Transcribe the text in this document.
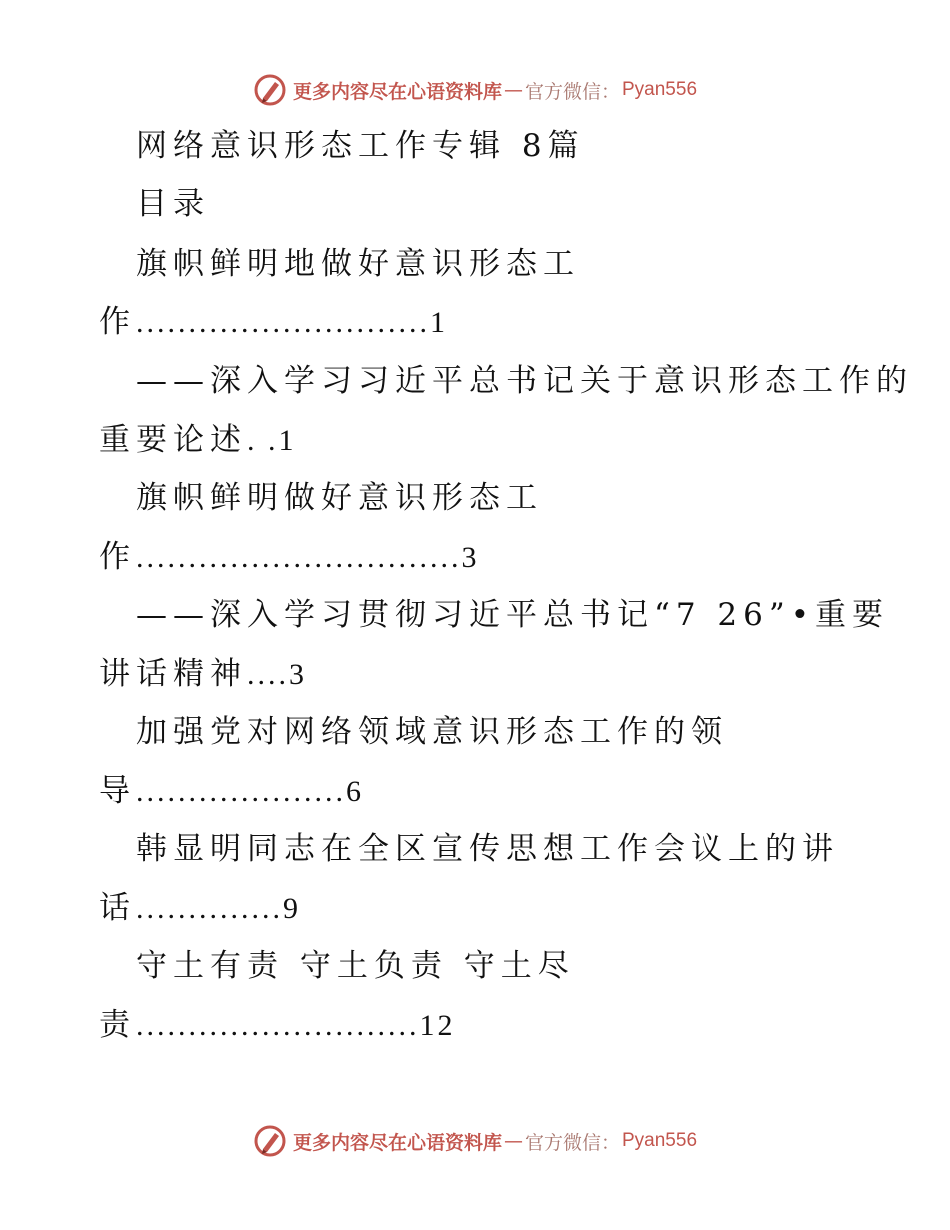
更多内容尽在心语资料库 — 官方微信： Pyan556
网络意识形态工作专辑 8篇
目录
旗帜鲜明地做好意识形态工
作............................1
——深入学习习近平总书记关于意识形态工作的
重要论述. .1
旗帜鲜明做好意识形态工
作...............................3
——深入学习贯彻习近平总书记“7 26”•重要
讲话精神....3
加强党对网络领域意识形态工作的领
导....................6
韩显明同志在全区宣传思想工作会议上的讲
话..............9
守土有责 守土负责 守土尽
责...........................12
更多内容尽在心语资料库 — 官方微信： Pyan556
